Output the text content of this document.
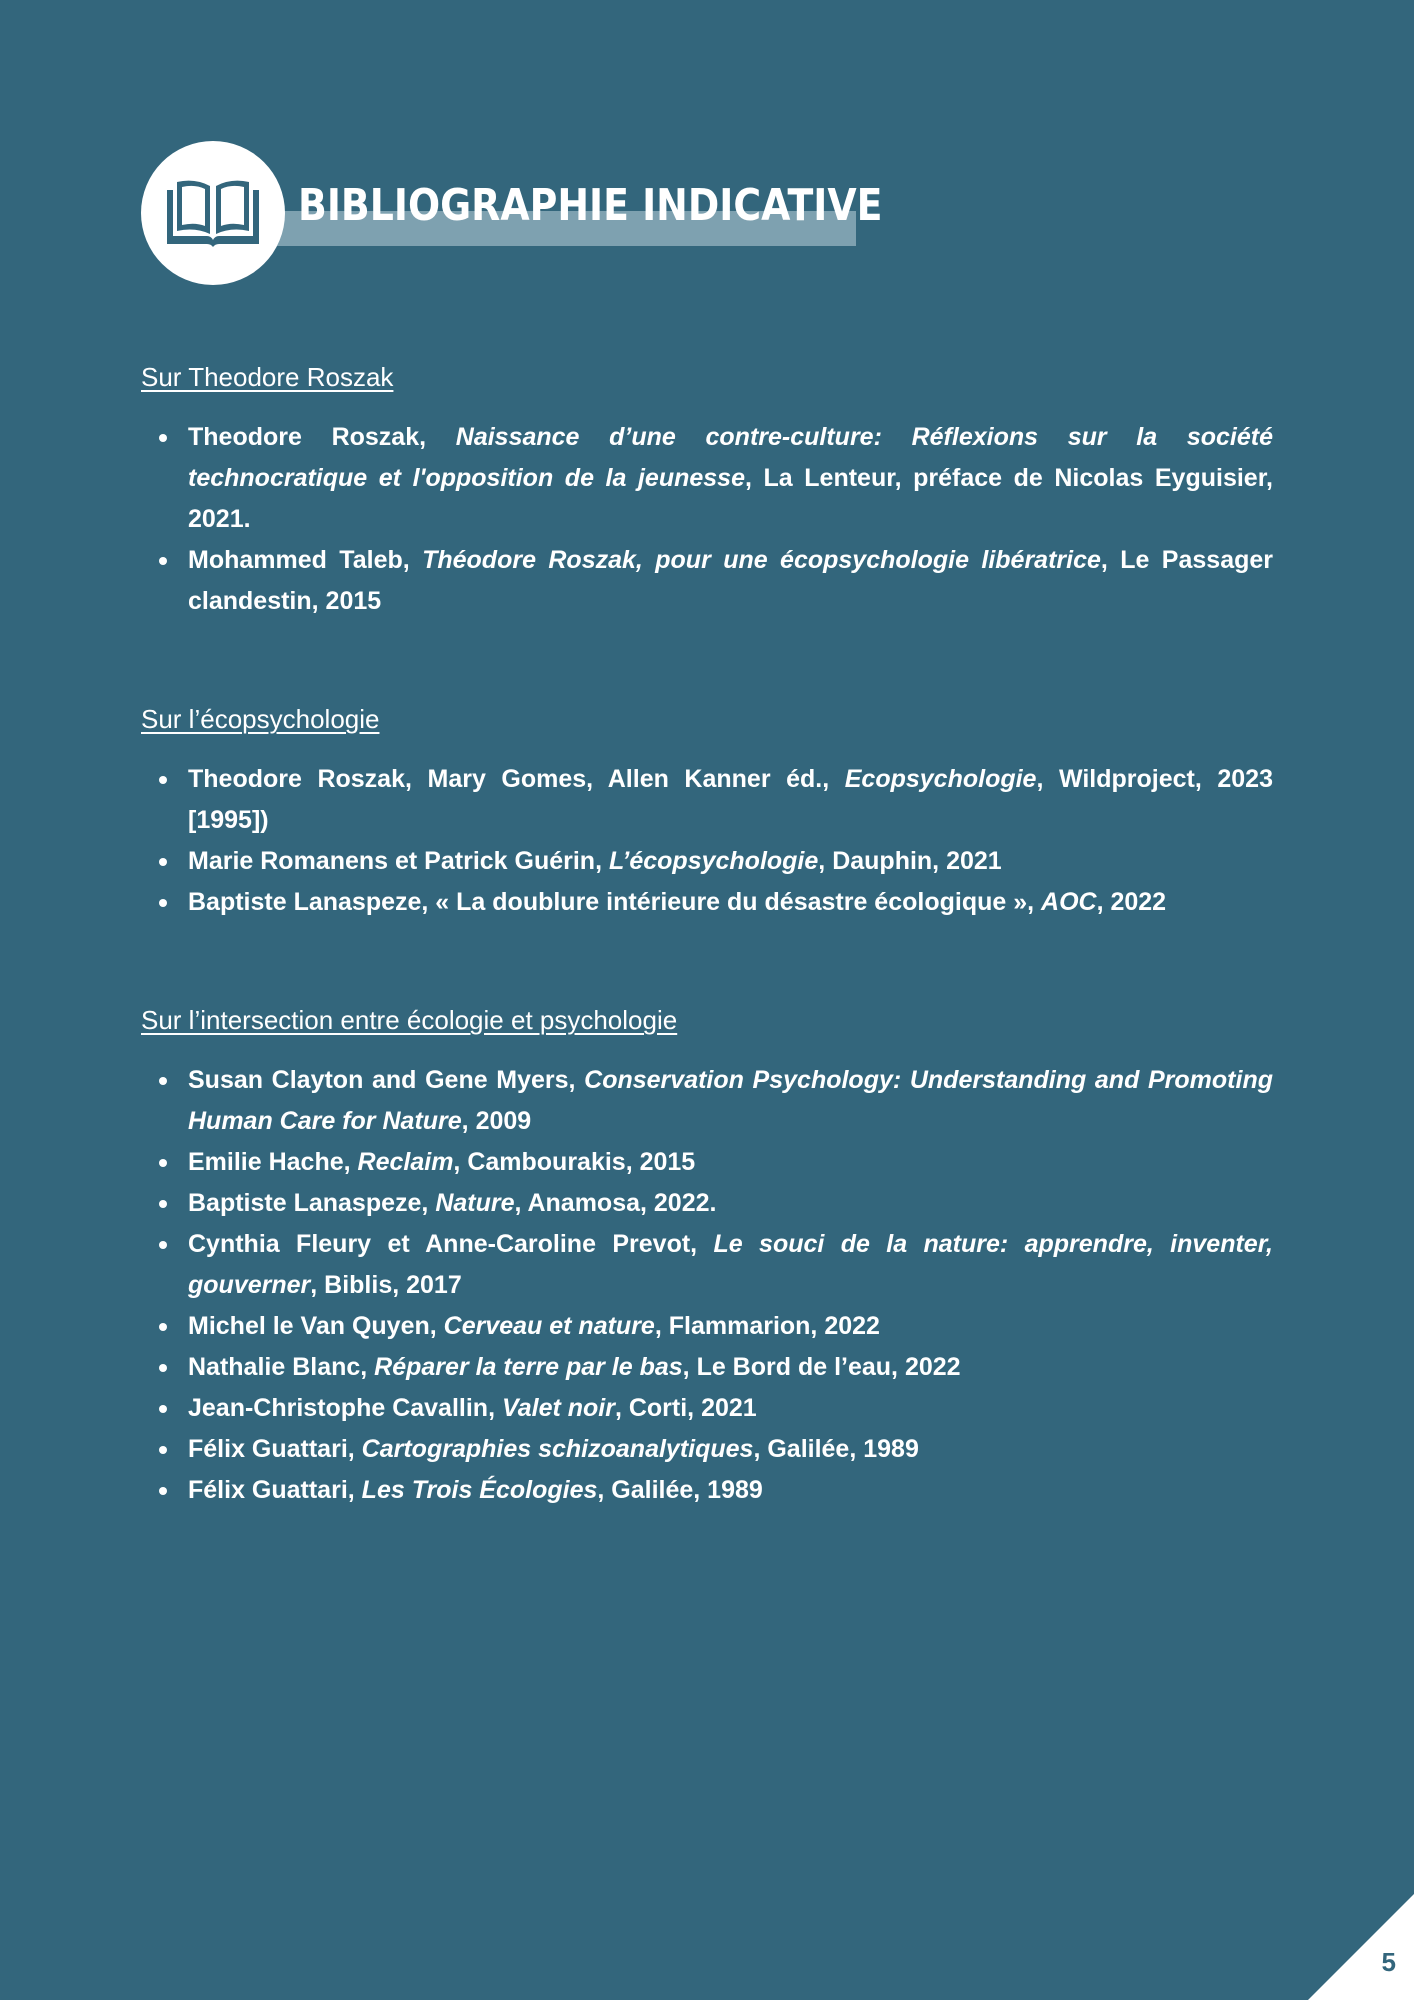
BIBLIOGRAPHIE INDICATIVE
Sur Theodore Roszak
Theodore Roszak, Naissance d’une contre-culture: Réflexions sur la société technocratique et l'opposition de la jeunesse, La Lenteur, préface de Nicolas Eyguisier, 2021.
Mohammed Taleb, Théodore Roszak, pour une écopsychologie libératrice, Le Passager clandestin, 2015
Sur l’écopsychologie
Theodore Roszak, Mary Gomes, Allen Kanner éd., Ecopsychologie, Wildproject, 2023 [1995])
Marie Romanens et Patrick Guérin, L’écopsychologie, Dauphin, 2021
Baptiste Lanaspeze, « La doublure intérieure du désastre écologique », AOC, 2022
Sur l’intersection entre écologie et psychologie
Susan Clayton and Gene Myers, Conservation Psychology: Understanding and Promoting Human Care for Nature, 2009
Emilie Hache, Reclaim, Cambourakis, 2015
Baptiste Lanaspeze, Nature, Anamosa, 2022.
Cynthia Fleury et Anne-Caroline Prevot, Le souci de la nature: apprendre, inventer, gouverner, Biblis, 2017
Michel le Van Quyen, Cerveau et nature, Flammarion, 2022
Nathalie Blanc, Réparer la terre par le bas, Le Bord de l’eau, 2022
Jean-Christophe Cavallin, Valet noir, Corti, 2021
Félix Guattari, Cartographies schizoanalytiques, Galilée, 1989
Félix Guattari, Les Trois Écologies, Galilée, 1989
5
